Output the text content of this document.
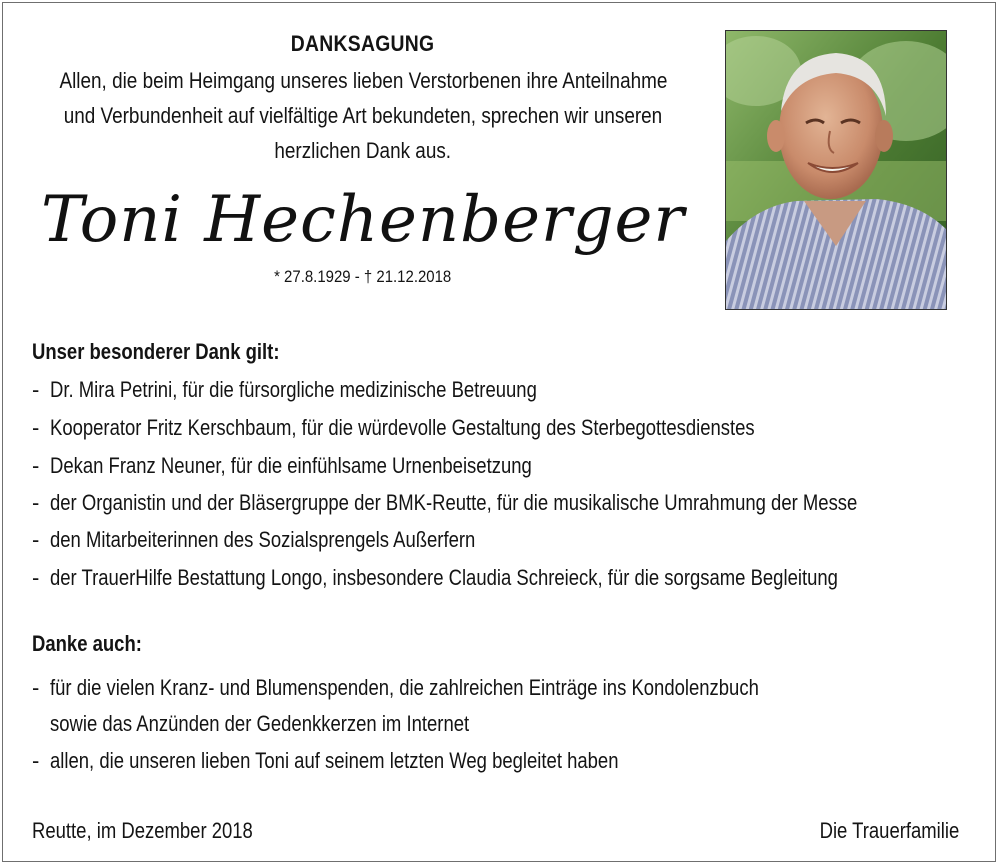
DANKSAGUNG
Allen, die beim Heimgang unseres lieben Verstorbenen ihre Anteilnahme
und Verbundenheit auf vielfältige Art bekundeten, sprechen wir unseren
herzlichen Dank aus.
Toni Hechenberger
* 27.8.1929 - † 21.12.2018
Unser besonderer Dank gilt:
- Dr. Mira Petrini, für die fürsorgliche medizinische Betreuung
- Kooperator Fritz Kerschbaum, für die würdevolle Gestaltung des Sterbegottesdienstes
- Dekan Franz Neuner, für die einfühlsame Urnenbeisetzung
- der Organistin und der Bläsergruppe der BMK-Reutte, für die musikalische Umrahmung der Messe
- den Mitarbeiterinnen des Sozialsprengels Außerfern
- der TrauerHilfe Bestattung Longo, insbesondere Claudia Schreieck, für die sorgsame Begleitung
Danke auch:
- für die vielen Kranz- und Blumenspenden, die zahlreichen Einträge ins Kondolenzbuch
sowie das Anzünden der Gedenkkerzen im Internet
- allen, die unseren lieben Toni auf seinem letzten Weg begleitet haben
Reutte, im Dezember 2018	Die Trauerfamilie
